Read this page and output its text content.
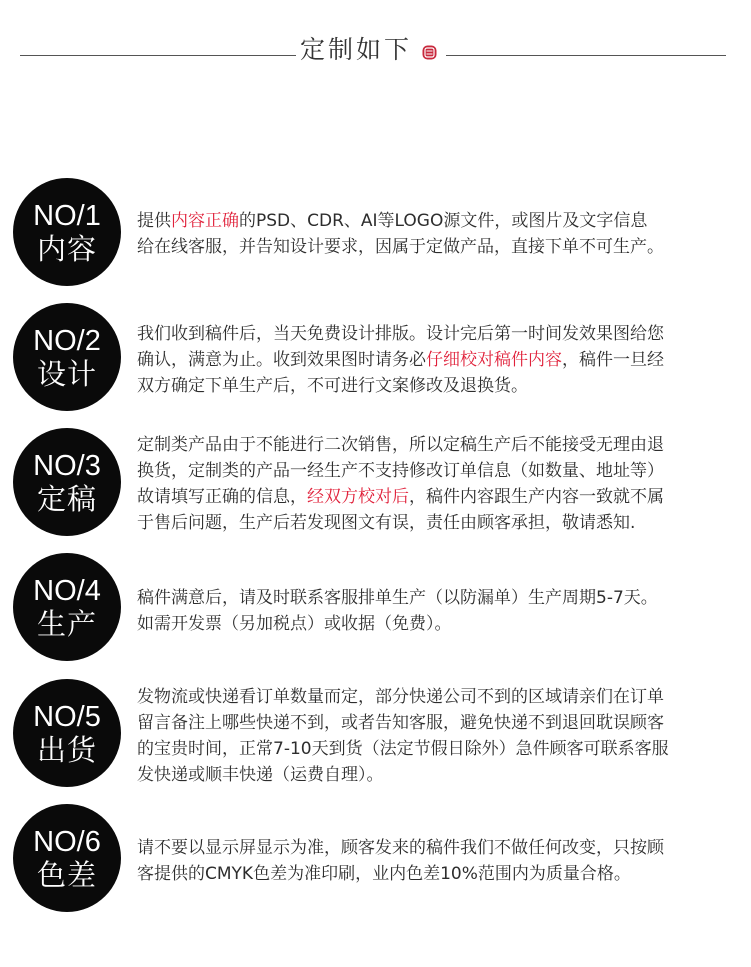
定制如下
NO/1
内容
提供内容正确的PSD、CDR、AI等LOGO源文件，或图片及文字信息
给在线客服，并告知设计要求，因属于定做产品，直接下单不可生产。
NO/2
设计
我们收到稿件后，当天免费设计排版。设计完后第一时间发效果图给您
确认，满意为止。收到效果图时请务必仔细校对稿件内容，稿件一旦经
双方确定下单生产后，不可进行文案修改及退换货。
NO/3
定稿
定制类产品由于不能进行二次销售，所以定稿生产后不能接受无理由退
换货，定制类的产品一经生产不支持修改订单信息（如数量、地址等）
故请填写正确的信息，经双方校对后，稿件内容跟生产内容一致就不属
于售后问题，生产后若发现图文有误，责任由顾客承担，敬请悉知.
NO/4
生产
稿件满意后，请及时联系客服排单生产（以防漏单）生产周期5-7天。
如需开发票（另加税点）或收据（免费）。
NO/5
出货
发物流或快递看订单数量而定，部分快递公司不到的区域请亲们在订单
留言备注上哪些快递不到，或者告知客服，避免快递不到退回耽误顾客
的宝贵时间，正常7-10天到货（法定节假日除外）急件顾客可联系客服
发快递或顺丰快递（运费自理）。
NO/6
色差
请不要以显示屏显示为准，顾客发来的稿件我们不做任何改变，只按顾
客提供的CMYK色差为准印刷，业内色差10%范围内为质量合格。
